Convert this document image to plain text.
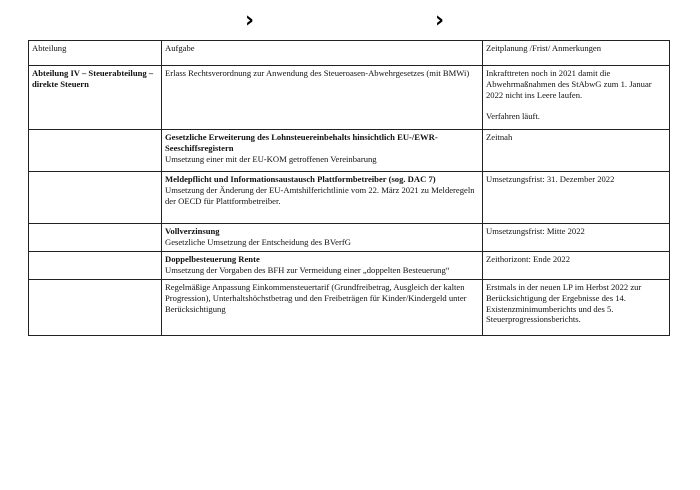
›	›
Abteilung	Aufgabe	Zeitplanung /Frist/ Anmerkungen

Abteilung IV – Steuerabteilung – direkte Steuern	Erlass Rechtsverordnung zur Anwendung des Steueroasen-Abwehrgesetzes (mit BMWi)	Inkrafttreten noch in 2021 damit die Abwehrmaßnahmen des StAbwG zum 1. Januar 2022 nicht ins Leere laufen.
Verfahren läuft.

	Gesetzliche Erweiterung des Lohnsteuereinbehalts hinsichtlich EU-/EWR-Seeschiffsregistern
Umsetzung einer mit der EU-KOM getroffenen Vereinbarung	Zeitnah

	Meldepflicht und Informationsaustausch Plattformbetreiber (sog. DAC 7)
Umsetzung der Änderung der EU-Amtshilferichtlinie vom 22. März 2021 zu Melderegeln der OECD für Plattformbetreiber.	Umsetzungsfrist: 31. Dezember 2022

	Vollverzinsung
Gesetzliche Umsetzung der Entscheidung des BVerfG	Umsetzungsfrist: Mitte 2022

	Doppelbesteuerung Rente
Umsetzung der Vorgaben des BFH zur Vermeidung einer „doppelten Besteuerung“	Zeithorizont: Ende 2022

	Regelmäßige Anpassung Einkommensteuertarif (Grundfreibetrag, Ausgleich der kalten Progression), Unterhaltshöchstbetrag und den Freibeträgen für Kinder/Kindergeld unter Berücksichtigung	Erstmals in der neuen LP im Herbst 2022 zur Berücksichtigung der Ergebnisse des 14. Existenzminimumberichts und des 5. Steuerprogressionsberichts.
